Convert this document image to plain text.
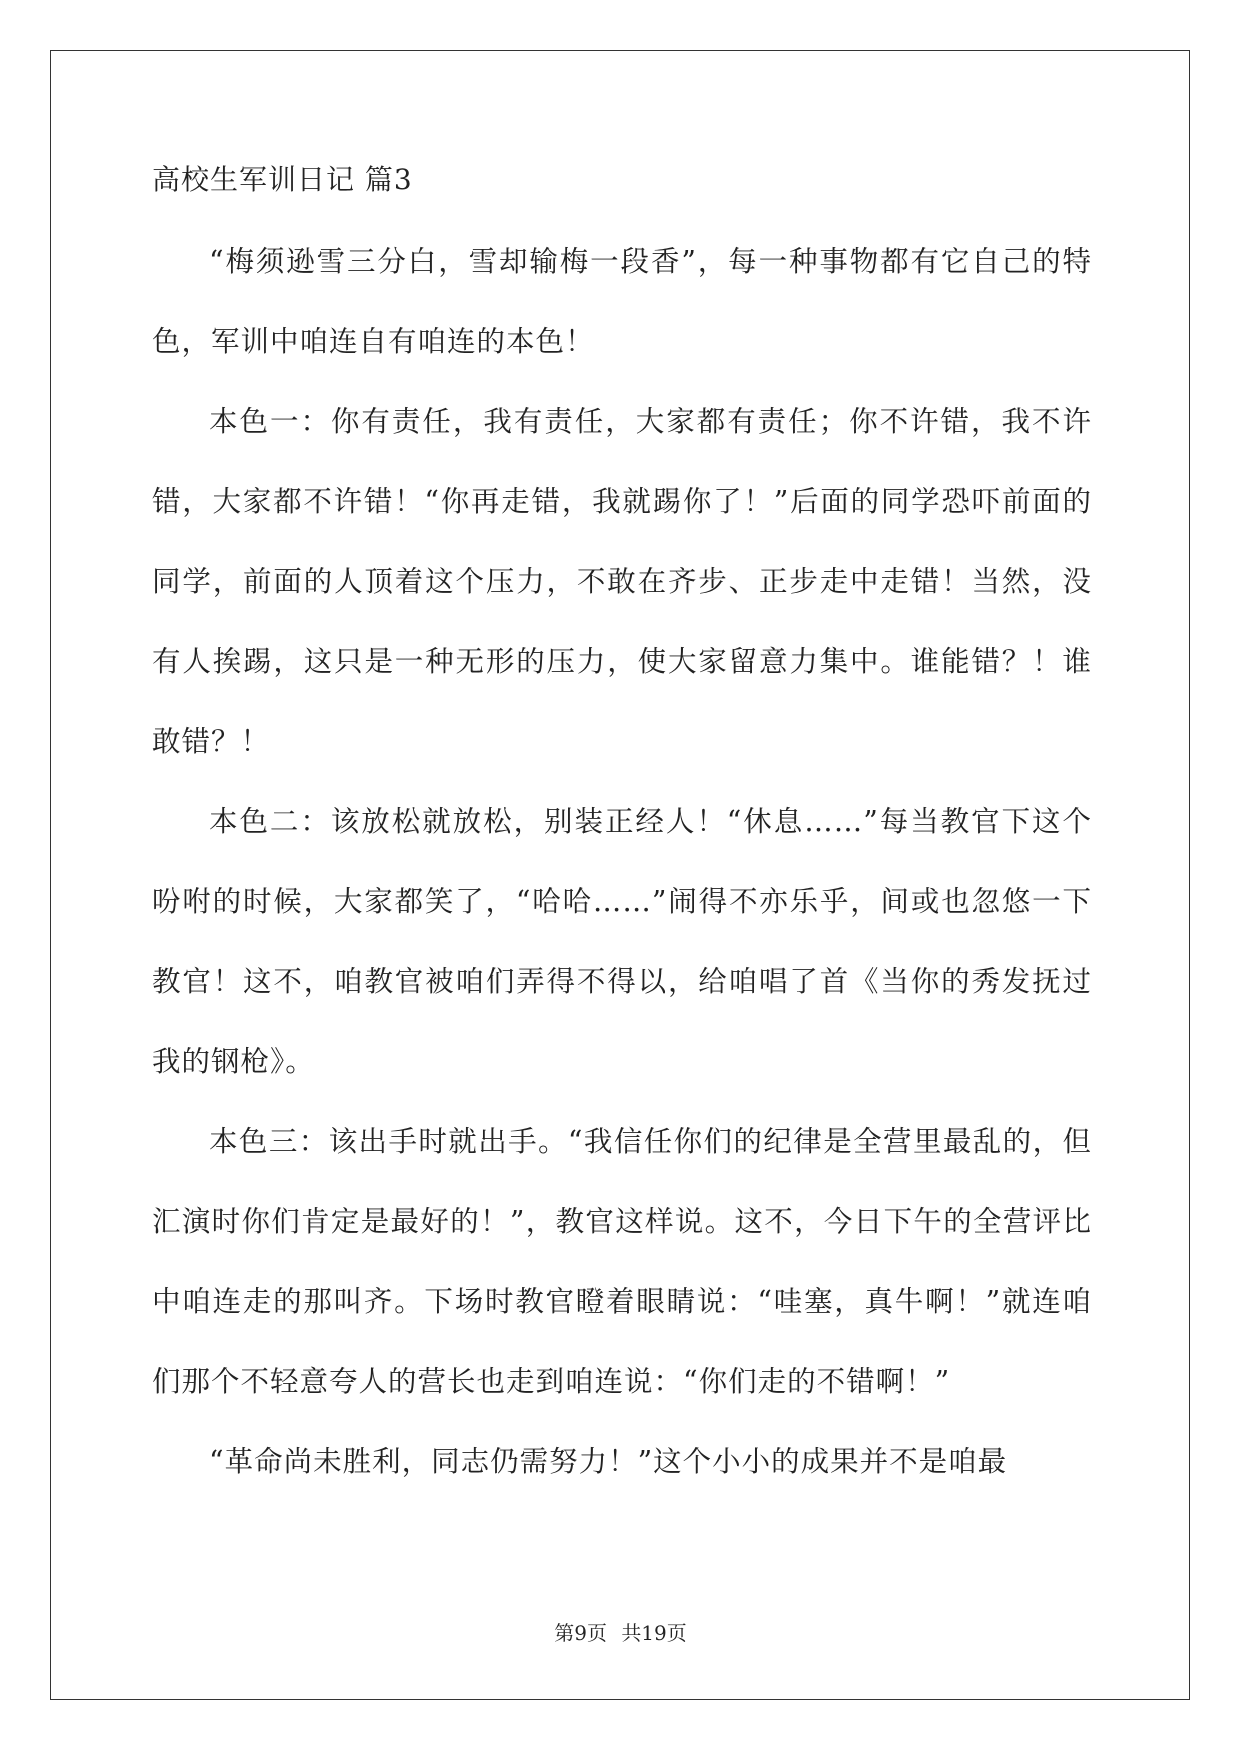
高校生军训日记 篇3

“梅须逊雪三分白，雪却输梅一段香”，每一种事物都有它自己的特色，军训中咱连自有咱连的本色！

本色一：你有责任，我有责任，大家都有责任；你不许错，我不许错，大家都不许错！“你再走错，我就踢你了！”后面的同学恐吓前面的同学，前面的人顶着这个压力，不敢在齐步、正步走中走错！当然，没有人挨踢，这只是一种无形的压力，使大家留意力集中。谁能错？！谁敢错？！

本色二：该放松就放松，别装正经人！“休息……”每当教官下这个吩咐的时候，大家都笑了，“哈哈……”闹得不亦乐乎，间或也忽悠一下教官！这不，咱教官被咱们弄得不得以，给咱唱了首《当你的秀发抚过我的钢枪》。

本色三：该出手时就出手。“我信任你们的纪律是全营里最乱的，但汇演时你们肯定是最好的！”，教官这样说。这不，今日下午的全营评比中咱连走的那叫齐。下场时教官瞪着眼睛说：“哇塞，真牛啊！”就连咱们那个不轻意夸人的营长也走到咱连说：“你们走的不错啊！”

“革命尚未胜利，同志仍需努力！”这个小小的成果并不是咱最

第9页 共19页
